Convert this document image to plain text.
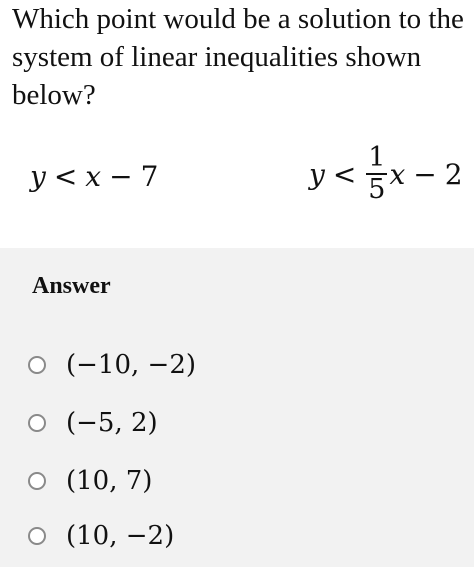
Which point would be a solution to the system of linear inequalities shown below?

y < x − 7	$y < \frac{1}{5}$ x − 2
Answer
(−10, −2)
(−5, 2)
(10, 7)
(10, −2)
